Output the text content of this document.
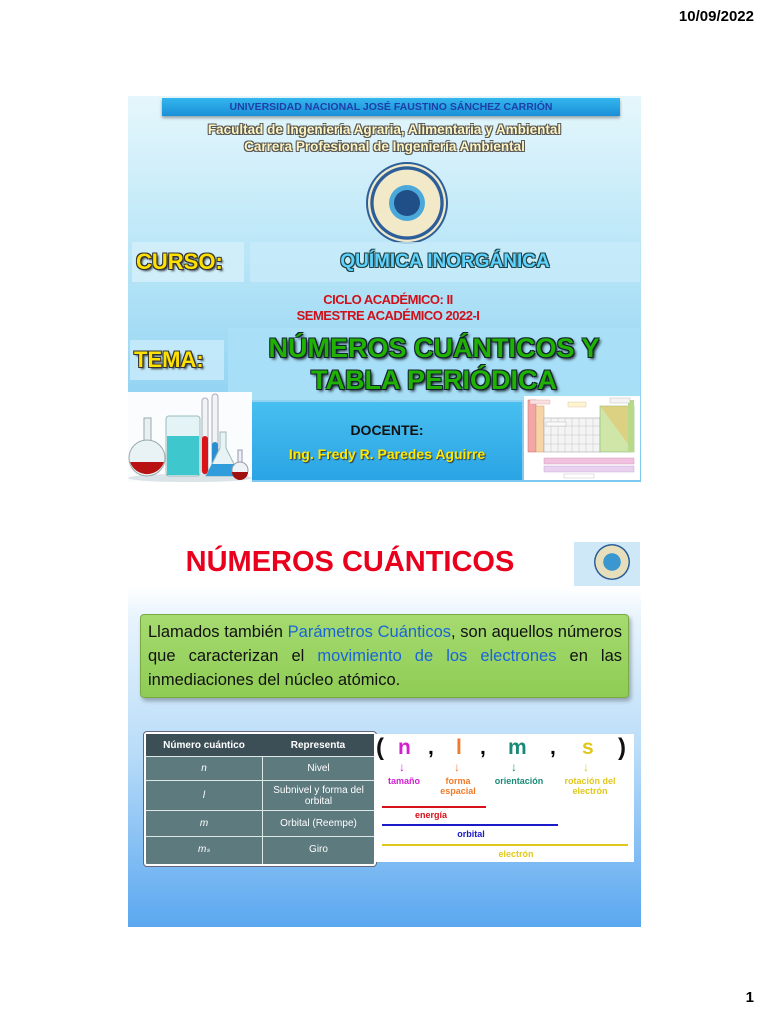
10/09/2022
UNIVERSIDAD NACIONAL JOSÉ FAUSTINO SÁNCHEZ CARRIÓN
Facultad de Ingeniería Agraria, Alimentaria y Ambiental
Carrera Profesional de Ingeniería Ambiental
CURSO:	QUÍMICA INORGÁNICA
CICLO ACADÉMICO: II
SEMESTRE ACADÉMICO 2022-I
TEMA:	NÚMEROS CUÁNTICOS Y
TABLA PERIÓDICA
DOCENTE:
Ing. Fredy R. Paredes Aguirre
NÚMEROS CUÁNTICOS
Llamados también Parámetros Cuánticos, son aquellos números que caracterizan el movimiento de los electrones en las inmediaciones del núcleo atómico.
Número cuántico	Representa
n	Nivel
l	Subnivel y forma del orbital
m	Orbital (Reempe)
mₛ	Giro
( n , l , m , s )
↓	↓	↓	↓
tamaño	forma espacial
orientación	rotación del electrón
energía
orbital
electrón
1
